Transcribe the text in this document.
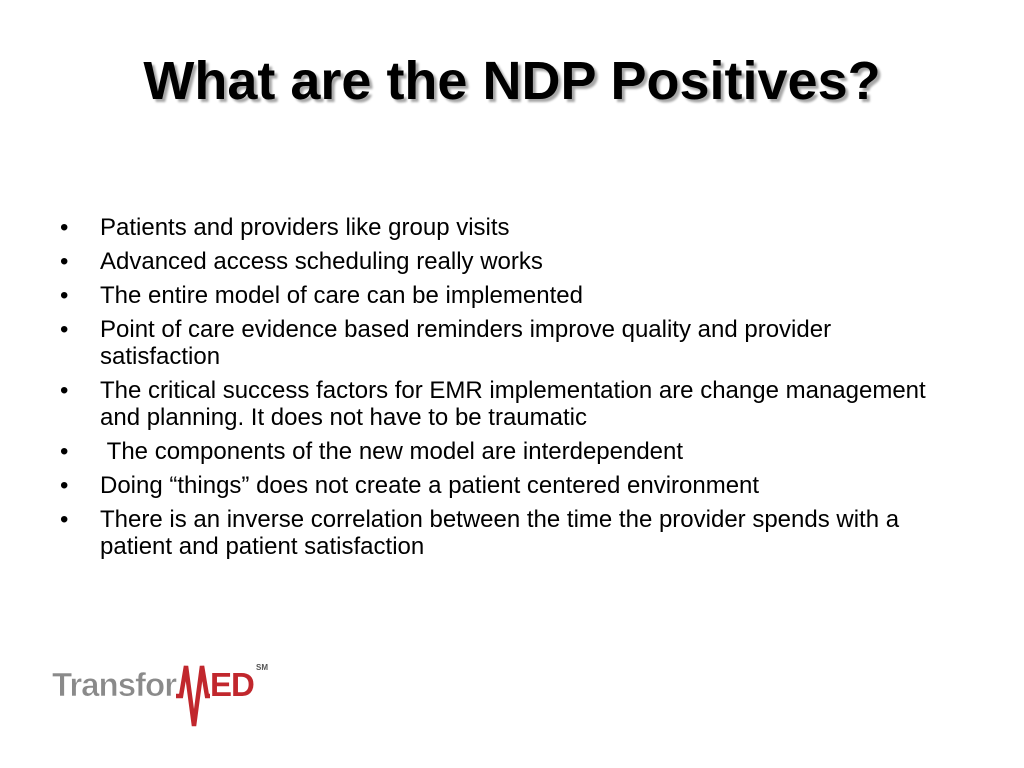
What are the NDP Positives?
• Patients and providers like group visits
• Advanced access scheduling really works
• The entire model of care can be implemented
• Point of care evidence based reminders improve quality and provider satisfaction
• The critical success factors for EMR implementation are change management and planning. It does not have to be traumatic
• The components of the new model are interdependent
• Doing “things” does not create a patient centered environment
• There is an inverse correlation between the time the provider spends with a patient and patient satisfaction
Transfor ED SM
